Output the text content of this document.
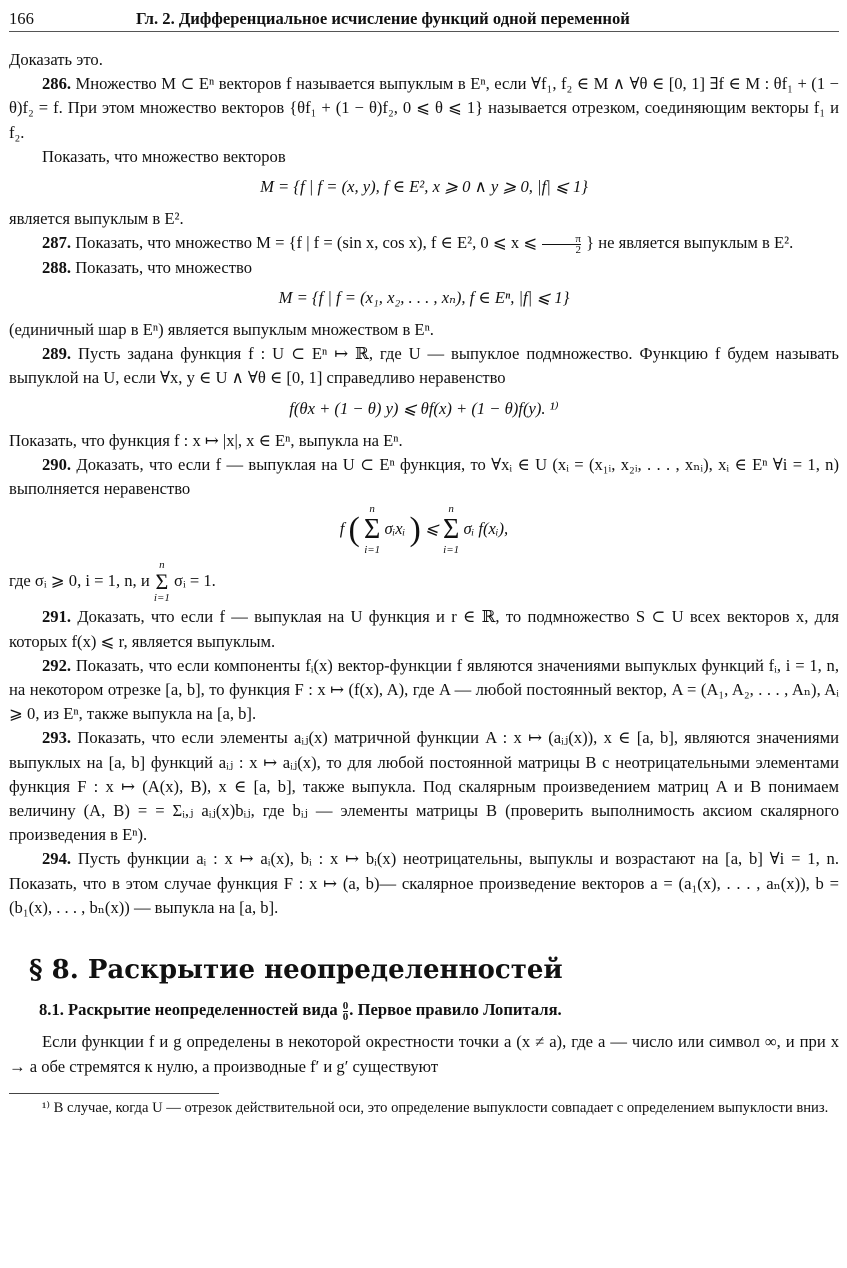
166	Гл. 2. Дифференциальное исчисление функций одной переменной

Доказать это.

286. Множество M ⊂ Eⁿ векторов f называется выпуклым в Eⁿ, если ∀f₁, f₂ ∈ M ∧ ∀θ ∈ [0, 1] ∃f ∈ M : θf₁ + (1 − θ)f₂ = f. При этом множество векторов {θf₁ + (1 − θ)f₂, 0 ⩽ θ ⩽ 1} называется отрезком, соединяющим векторы f₁ и f₂.

Показать, что множество векторов

M = {f | f = (x, y), f ∈ E², x ⩾ 0 ∧ y ⩾ 0, |f| ⩽ 1}

является выпуклым в E².

287. Показать, что множество M = {f | f = (sin x, cos x), f ∈ E², 0 ⩽ x ⩽ $\frac{\pi}{2}$ } не является выпуклым в E².

288. Показать, что множество

M = {f | f = (x₁, x₂, . . . , xₙ), f ∈ Eⁿ, |f| ⩽ 1}

(единичный шар в Eⁿ) является выпуклым множеством в Eⁿ.

289. Пусть задана функция f : U ⊂ Eⁿ ↦ ℝ, где U — выпуклое подмножество. Функцию f будем называть выпуклой на U, если ∀x, y ∈ U ∧ ∀θ ∈ [0, 1] справедливо неравенство

f(θx + (1 − θ) y) ⩽ θf(x) + (1 − θ)f(y). ¹⁾

Показать, что функция f : x ↦ |x|, x ∈ Eⁿ, выпукла на Eⁿ.

290. Доказать, что если f — выпуклая на U ⊂ Eⁿ функция, то ∀xᵢ ∈ U (xᵢ = (x₁ᵢ, x₂ᵢ, . . . , xₙᵢ), xᵢ ∈ Eⁿ ∀i = 1, n) выполняется неравенство

f (
n
Σ
i=1
σᵢxᵢ ) ⩽
n
Σ
i=1
σᵢ f(xᵢ),

где σᵢ ⩾ 0, i = 1, n, и
n
Σ
i=1
σᵢ = 1.

291. Доказать, что если f — выпуклая на U функция и r ∈ ℝ, то подмножество S ⊂ U всех векторов x, для которых f(x) ⩽ r, является выпуклым.

292. Показать, что если компоненты fᵢ(x) вектор-функции f являются значениями выпуклых функций fᵢ, i = 1, n, на некотором отрезке [a, b], то функция F : x ↦ (f(x), A), где A — любой постоянный вектор, A = (A₁, A₂, . . . , Aₙ), Aᵢ ⩾ 0, из Eⁿ, также выпукла на [a, b].

293. Показать, что если элементы aᵢⱼ(x) матричной функции A : x ↦ (aᵢⱼ(x)), x ∈ [a, b], являются значениями выпуклых на [a, b] функций aᵢⱼ : x ↦ aᵢⱼ(x), то для любой постоянной матрицы B с неотрицательными элементами функция F : x ↦ (A(x), B), x ∈ [a, b], также выпукла. Под скалярным произведением матриц A и B понимаем величину (A, B) = = Σᵢ,ⱼ aᵢⱼ(x)bᵢⱼ, где bᵢⱼ — элементы матрицы B (проверить выполнимость аксиом скалярного произведения в Eⁿ).

294. Пусть функции aᵢ : x ↦ aᵢ(x), bᵢ : x ↦ bᵢ(x) неотрицательны, выпуклы и возрастают на [a, b] ∀i = 1, n. Показать, что в этом случае функция F : x ↦ (a, b)— скалярное произведение векторов a = (a₁(x), . . . , aₙ(x)), b = (b₁(x), . . . , bₙ(x)) — выпукла на [a, b].

§ 8. Раскрытие неопределенностей

8.1. Раскрытие неопределенностей вида $\frac{0}{0}$ . Первое правило Лопиталя.

Если функции f и g определены в некоторой окрестности точки a (x ≠ a), где a — число или символ ∞, и при x → a обе стремятся к нулю, а производные f′ и g′ существуют

¹⁾ В случае, когда U — отрезок действительной оси, это определение выпуклости совпадает с определением выпуклости вниз.
